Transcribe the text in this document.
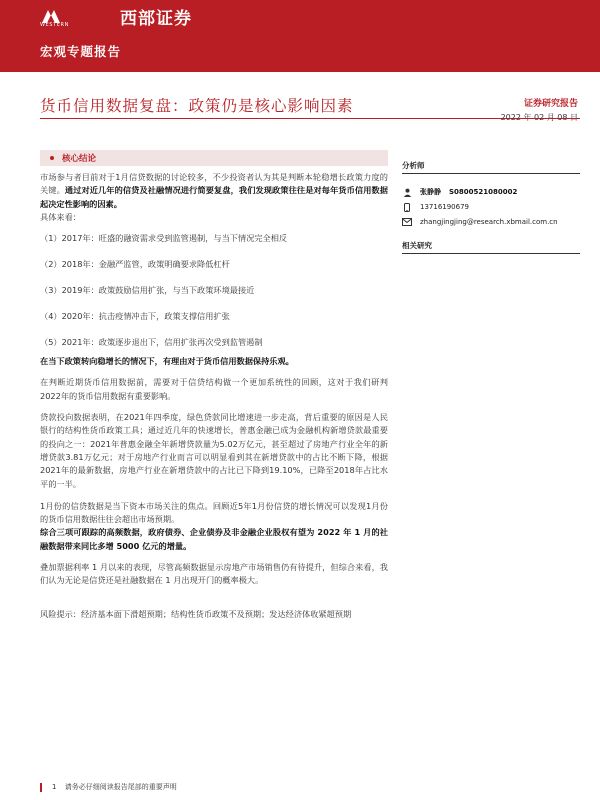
西部证券
WESTERN
宏观专题报告
货币信用数据复盘：政策仍是核心影响因素	证券研究报告
核心结论
市场参与者目前对于1月信贷数据的讨论较多，不少投资者认为其是判断本轮稳增长政策力度的关键。通过对近几年的信贷及社融情况进行简要复盘，我们发现政策往往是对每年货币信用数据起决定性影响的因素。
具体来看：
（1）2017年：旺盛的融资需求受到监管遏制，与当下情况完全相反
（2）2018年：金融严监管，政策明确要求降低杠杆
（3）2019年：政策鼓励信用扩张，与当下政策环境最接近
（4）2020年：抗击疫情冲击下，政策支撑信用扩张
（5）2021年：政策逐步退出下，信用扩张再次受到监管遏制
在当下政策转向稳增长的情况下，有理由对于货币信用数据保持乐观。
在判断近期货币信用数据前，需要对于信贷结构做一个更加系统性的回顾，这对于我们研判2022年的货币信用数据有重要影响。
贷款投向数据表明，在2021年四季度，绿色贷款同比增速进一步走高，背后重要的原因是人民银行的结构性货币政策工具；通过近几年的快速增长，普惠金融已成为金融机构新增贷款最重要的投向之一：2021年普惠金融全年新增贷款量为5.02万亿元，甚至超过了房地产行业全年的新增贷款3.81万亿元；对于房地产行业而言可以明显看到其在新增贷款中的占比不断下降，根据2021年的最新数据，房地产行业在新增贷款中的占比已下降到19.10%，已降至2018年占比水平的一半。
1月份的信贷数据是当下资本市场关注的焦点。回顾近5年1月份信贷的增长情况可以发现1月份的货币信用数据往往会超出市场预期。
综合三项可跟踪的高频数据，政府债券、企业债券及非金融企业股权有望为 2022 年 1 月的社融数据带来同比多增 5000 亿元的增量。
叠加票据利率 1 月以来的表现，尽管高频数据显示房地产市场销售仍有待提升，但综合来看，我们认为无论是信贷还是社融数据在 1 月出现开门的概率极大。
风险提示：经济基本面下滑超预期；结构性货币政策不及预期；发达经济体收紧超预期
分析师
张静静 S0800521080002
13716190679
zhangjingjing@research.xbmail.com.cn
相关研究
1 请务必仔细阅读报告尾部的重要声明
